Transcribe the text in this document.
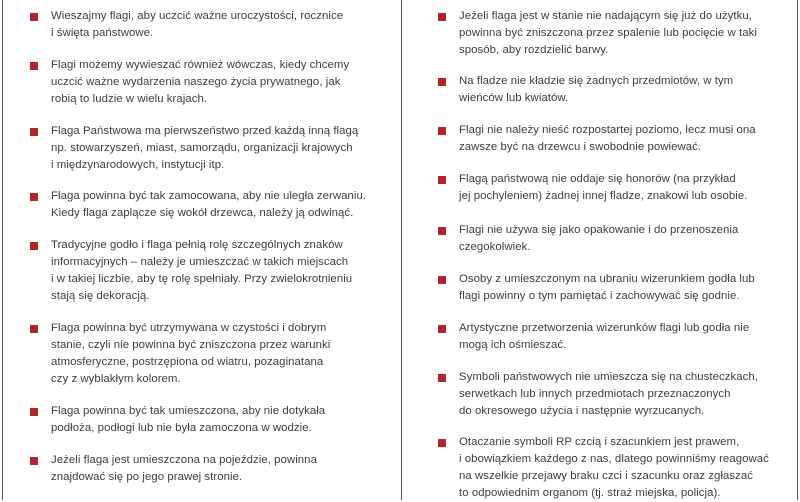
Wieszajmy flagi, aby uczcić ważne uroczystości, rocznice
i święta państwowe.
Flagi możemy wywieszać również wówczas, kiedy chcemy
uczcić ważne wydarzenia naszego życia prywatnego, jak
robią to ludzie w wielu krajach.
Flaga Państwowa ma pierwszeństwo przed każdą inną flagą
np. stowarzyszeń, miast, samorządu, organizacji krajowych
i międzynarodowych, instytucji itp.
Flaga powinna być tak zamocowana, aby nie uległa zerwaniu.
Kiedy flaga zaplącze się wokół drzewca, należy ją odwinąć.
Tradycyjne godło i flaga pełnią rolę szczególnych znaków
informacyjnych – należy je umieszczać w takich miejscach
i w takiej liczbie, aby tę rolę spełniały. Przy zwielokrotnieniu
stają się dekoracją.
Flaga powinna być utrzymywana w czystości i dobrym
stanie, czyli nie powinna być zniszczona przez warunki
atmosferyczne, postrzępiona od wiatru, pozaginatana
czy z wyblakłym kolorem.
Flaga powinna być tak umieszczona, aby nie dotykała
podłoża, podłogi lub nie była zamoczona w wodzie.
Jeżeli flaga jest umieszczona na pojeździe, powinna
znajdować się po jego prawej stronie.
Jeżeli flaga jest w stanie nie nadającym się już do użytku,
powinna być zniszczona przez spalenie lub pocięcie w taki
sposób, aby rozdzielić barwy.
Na fladze nie kładzie się żadnych przedmiotów, w tym
wieńców lub kwiatów.
Flagi nie należy nieść rozpostartej poziomo, lecz musi ona
zawsze być na drzewcu i swobodnie powiewać.
Flagą państwową nie oddaje się honorów (na przykład
jej pochyleniem) żadnej innej fladze, znakowi lub osobie.
Flagi nie używa się jako opakowanie i do przenoszenia
czegokolwiek.
Osoby z umieszczonym na ubraniu wizerunkiem godła lub
flagi powinny o tym pamiętać i zachowywać się godnie.
Artystyczne przetworzenia wizerunków flagi lub godła nie
mogą ich ośmieszać.
Symboli państwowych nie umieszcza się na chusteczkach,
serwetkach lub innych przedmiotach przeznaczonych
do okresowego użycia i następnie wyrzucanych.
Otaczanie symboli RP czcią i szacunkiem jest prawem,
i obowiązkiem każdego z nas, dlatego powinniśmy reagować
na wszelkie przejawy braku czci i szacunku oraz zgłaszać
to odpowiednim organom (tj. straż miejska, policja).
